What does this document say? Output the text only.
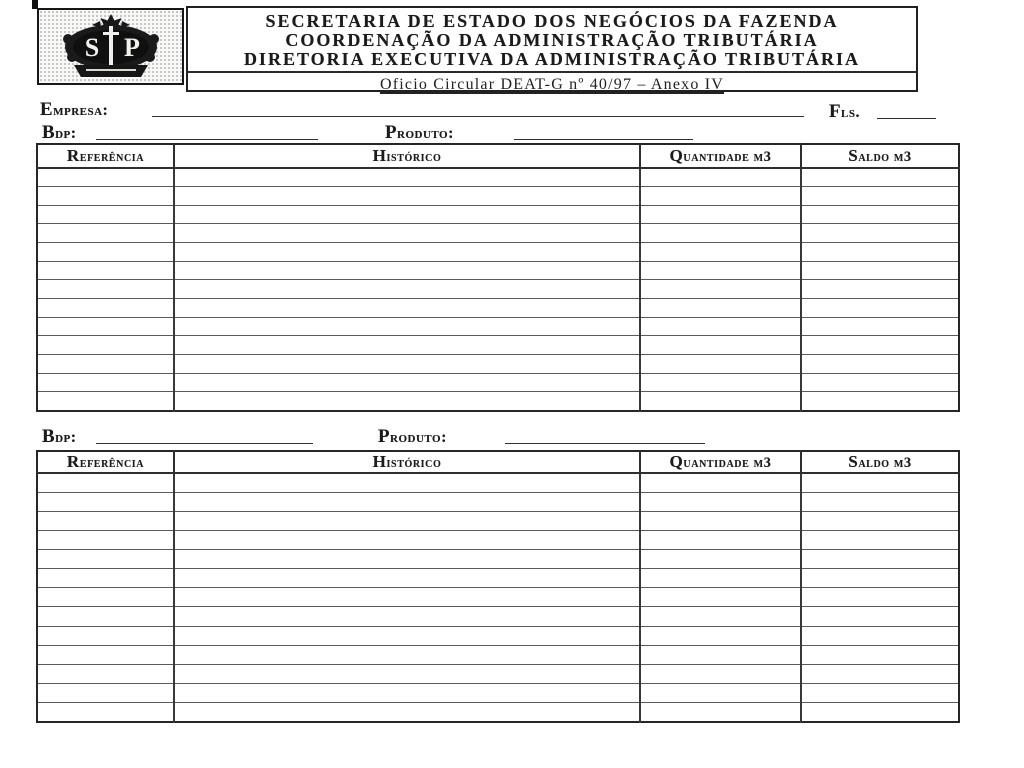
S P
SECRETARIA DE ESTADO DOS NEGÓCIOS DA FAZENDA
COORDENAÇÃO DA ADMINISTRAÇÃO TRIBUTÁRIA
DIRETORIA EXECUTIVA DA ADMINISTRAÇÃO TRIBUTÁRIA
Oficio Circular DEAT-G nº 40/97 – Anexo IV
Empresa:	fls.
Bdp:	produto:
Referência	histórico	quantidade m3	saldo m3

Bdp:	produto:
Referência	histórico	quantidade m3	saldo m3
